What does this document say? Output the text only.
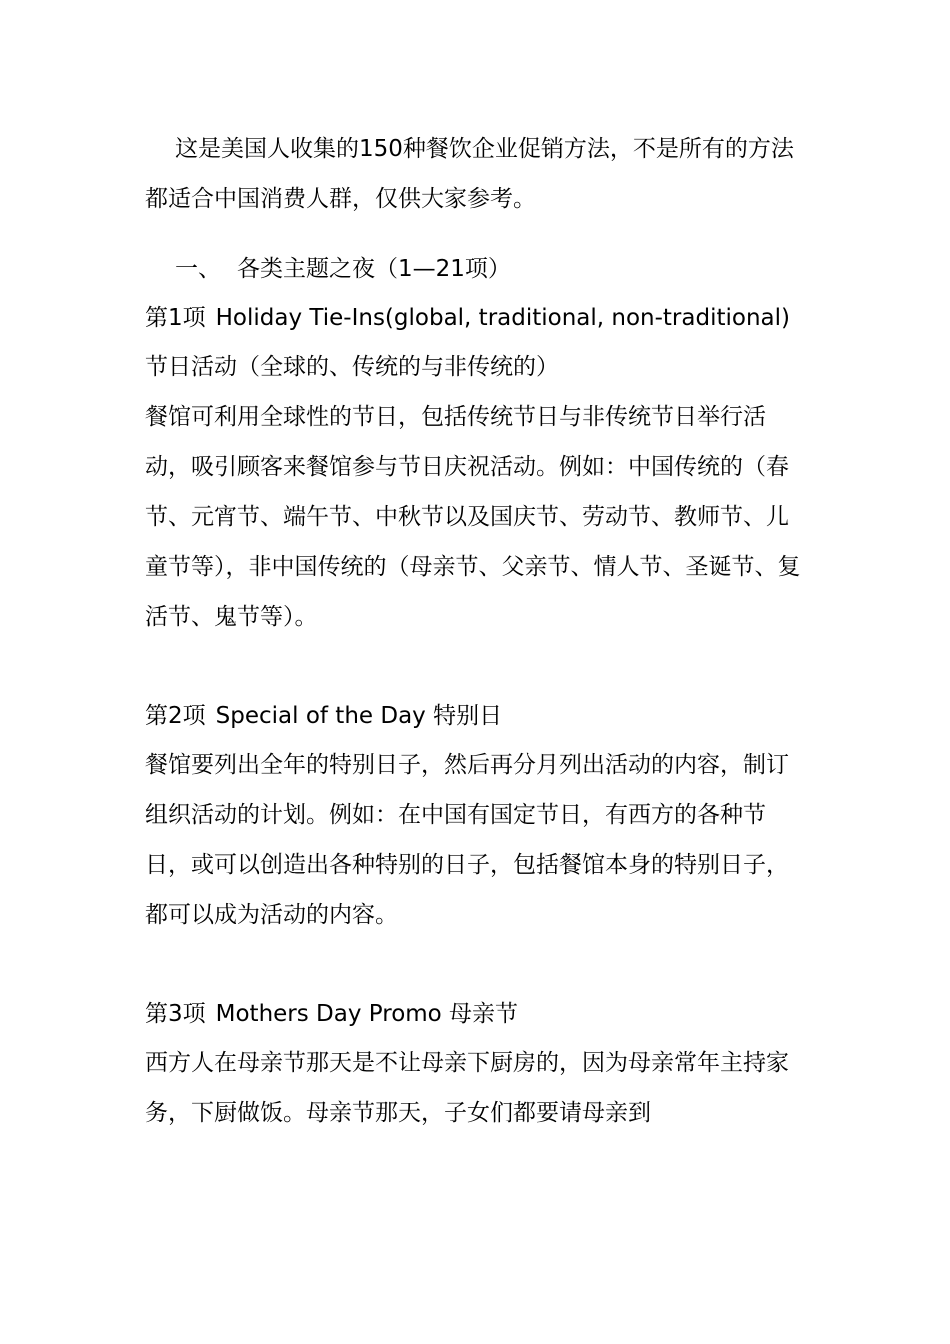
这是美国人收集的150种餐饮企业促销方法，不是所有的方法都适合中国消费人群，仅供大家参考。

一、 各类主题之夜（1—21项）

第1项 Holiday Tie-Ins(global, traditional, non-traditional)

节日活动（全球的、传统的与非传统的）

餐馆可利用全球性的节日，包括传统节日与非传统节日举行活动，吸引顾客来餐馆参与节日庆祝活动。例如：中国传统的（春节、元宵节、端午节、中秋节以及国庆节、劳动节、教师节、儿童节等），非中国传统的（母亲节、父亲节、情人节、圣诞节、复活节、鬼节等）。

第2项 Special of the Day 特别日

餐馆要列出全年的特别日子，然后再分月列出活动的内容，制订组织活动的计划。例如：在中国有国定节日，有西方的各种节日，或可以创造出各种特别的日子，包括餐馆本身的特别日子，都可以成为活动的内容。

第3项 Mothers Day Promo 母亲节

西方人在母亲节那天是不让母亲下厨房的，因为母亲常年主持家务，下厨做饭。母亲节那天，子女们都要请母亲到
